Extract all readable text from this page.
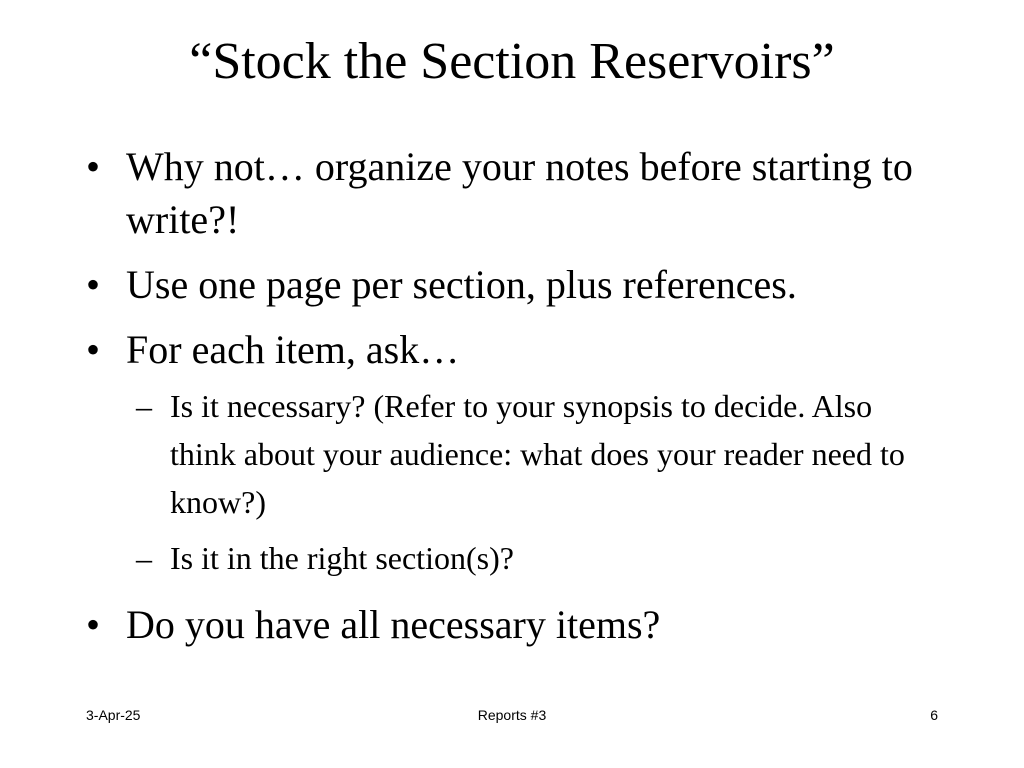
“Stock the Section Reservoirs”
• Why not… organize your notes before starting to write?!
• Use one page per section, plus references.
• For each item, ask…
– Is it necessary? (Refer to your synopsis to decide. Also think about your audience: what does your reader need to know?)
– Is it in the right section(s)?
• Do you have all necessary items?
3-Apr-25	Reports #3	6
